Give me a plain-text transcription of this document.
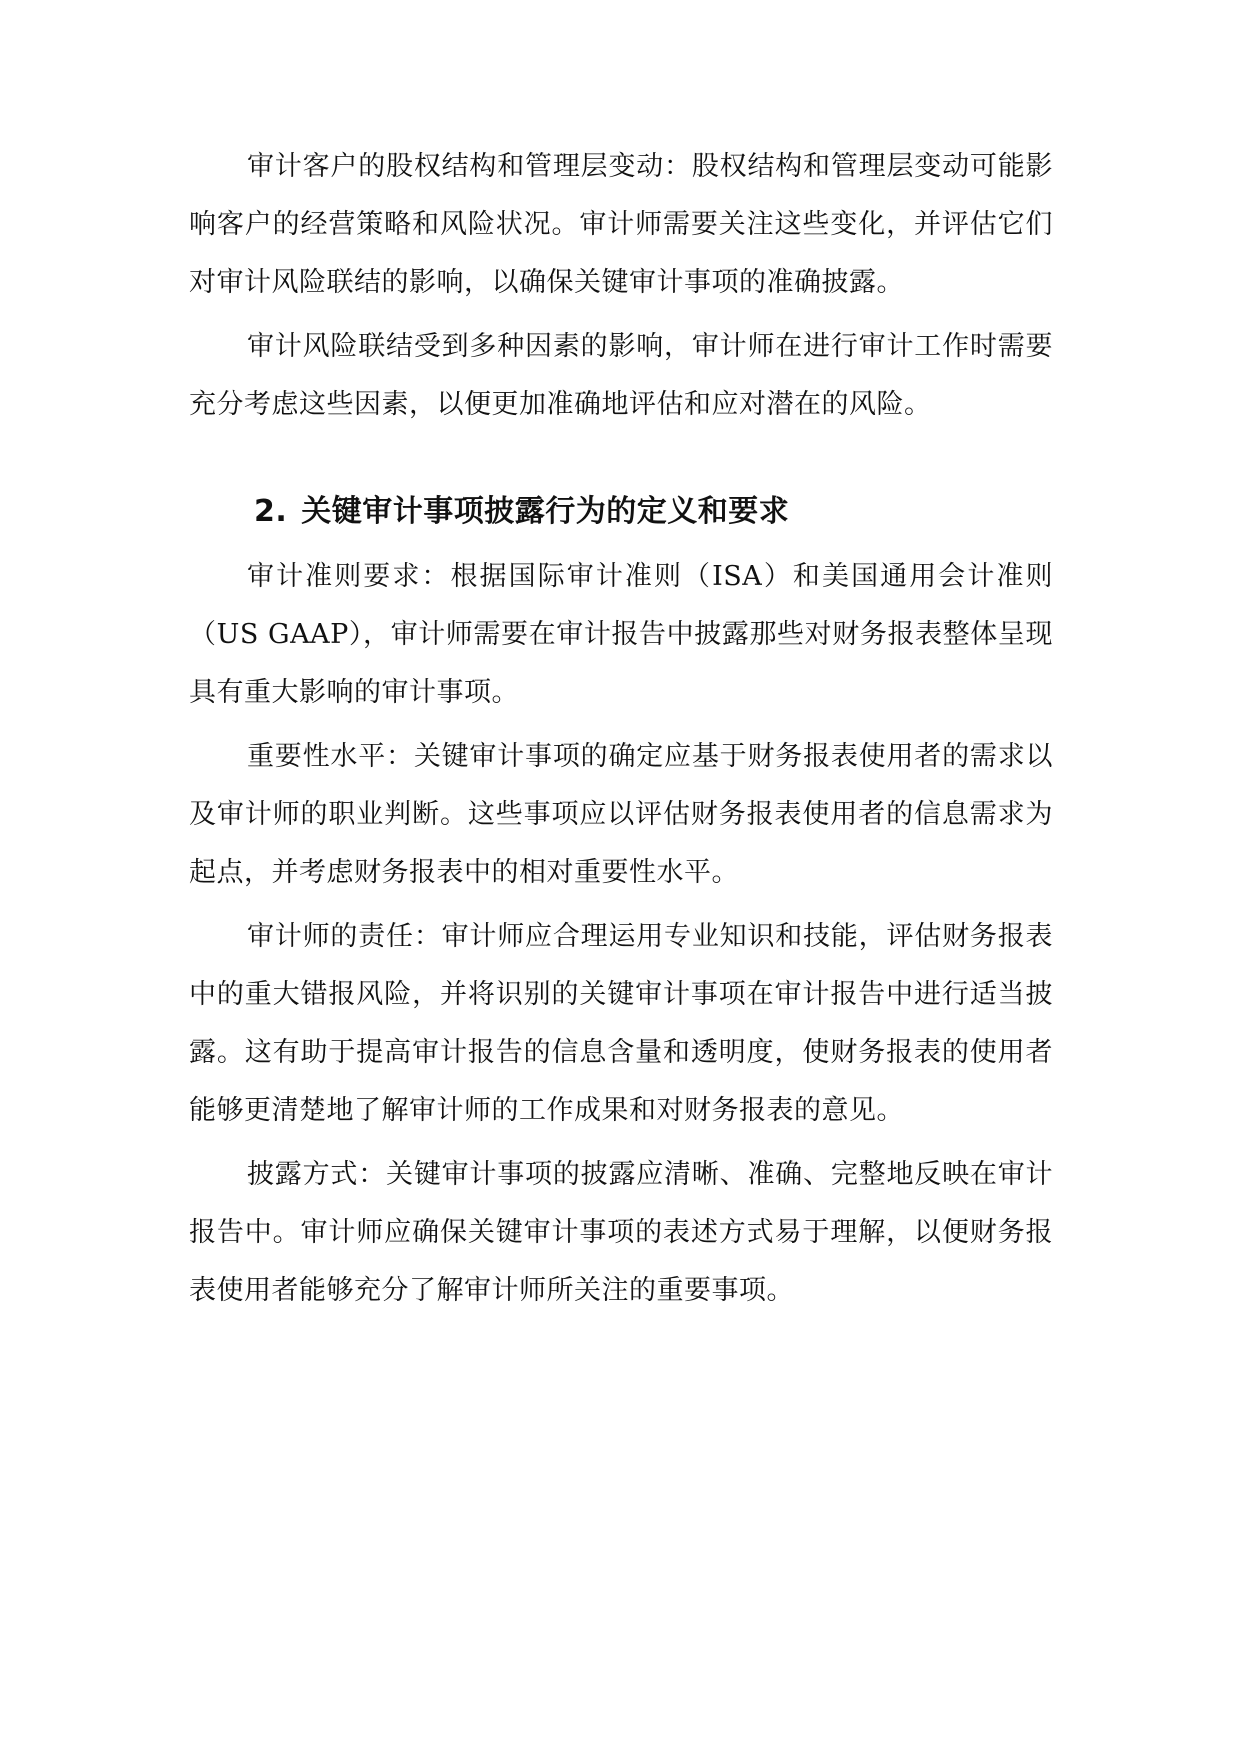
审计客户的股权结构和管理层变动：股权结构和管理层变动可能影响客户的经营策略和风险状况。审计师需要关注这些变化，并评估它们对审计风险联结的影响，以确保关键审计事项的准确披露。

审计风险联结受到多种因素的影响，审计师在进行审计工作时需要充分考虑这些因素，以便更加准确地评估和应对潜在的风险。

2. 关键审计事项披露行为的定义和要求

审计准则要求：根据国际审计准则（ISA）和美国通用会计准则（US GAAP），审计师需要在审计报告中披露那些对财务报表整体呈现具有重大影响的审计事项。

重要性水平：关键审计事项的确定应基于财务报表使用者的需求以及审计师的职业判断。这些事项应以评估财务报表使用者的信息需求为起点，并考虑财务报表中的相对重要性水平。

审计师的责任：审计师应合理运用专业知识和技能，评估财务报表中的重大错报风险，并将识别的关键审计事项在审计报告中进行适当披露。这有助于提高审计报告的信息含量和透明度，使财务报表的使用者能够更清楚地了解审计师的工作成果和对财务报表的意见。

披露方式：关键审计事项的披露应清晰、准确、完整地反映在审计报告中。审计师应确保关键审计事项的表述方式易于理解，以便财务报表使用者能够充分了解审计师所关注的重要事项。
